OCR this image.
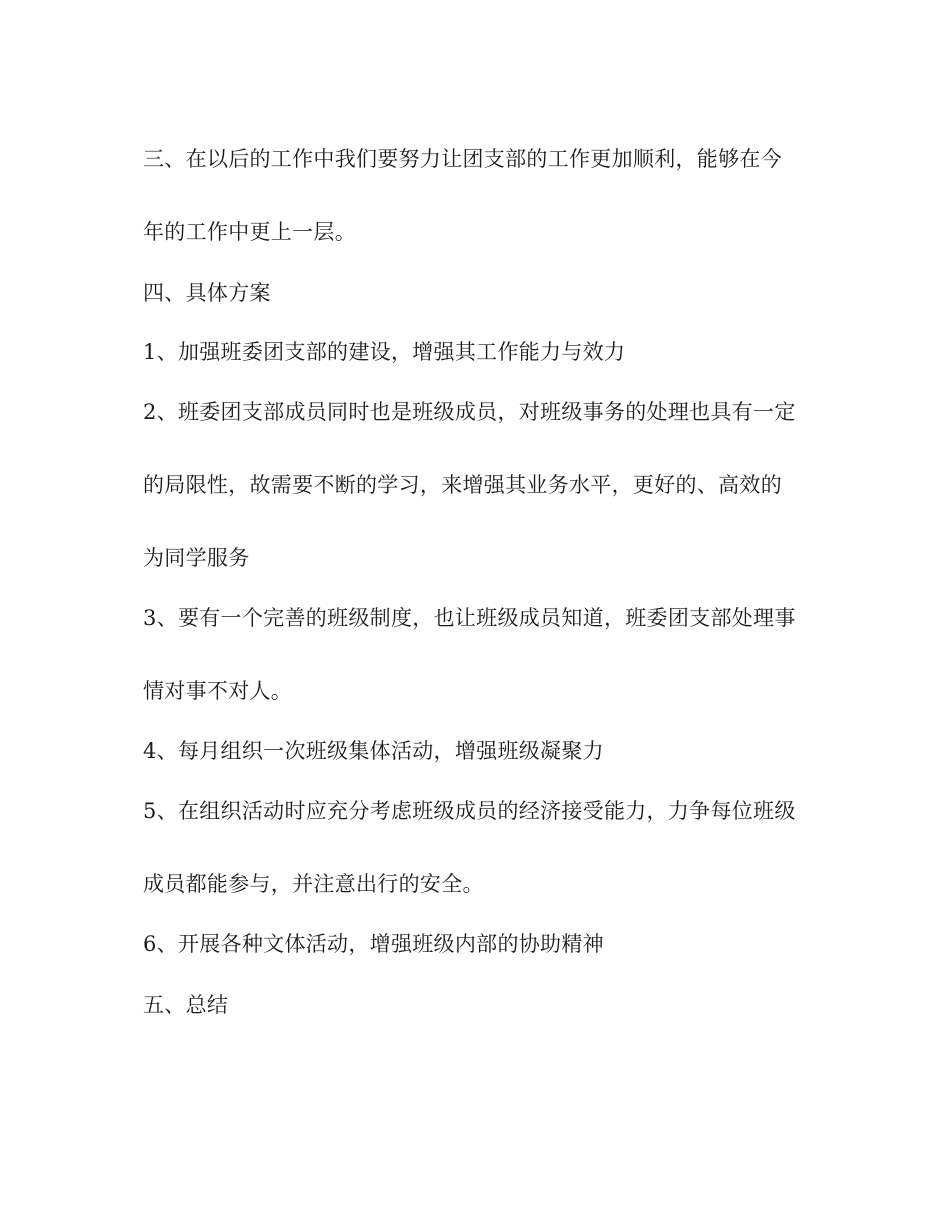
三、在以后的工作中我们要努力让团支部的工作更加顺利，能够在今
年的工作中更上一层。
四、具体方案
1、加强班委团支部的建设，增强其工作能力与效力
2、班委团支部成员同时也是班级成员，对班级事务的处理也具有一定
的局限性，故需要不断的学习，来增强其业务水平，更好的、高效的
为同学服务
3、要有一个完善的班级制度，也让班级成员知道，班委团支部处理事
情对事不对人。
4、每月组织一次班级集体活动，增强班级凝聚力
5、在组织活动时应充分考虑班级成员的经济接受能力，力争每位班级
成员都能参与，并注意出行的安全。
6、开展各种文体活动，增强班级内部的协助精神
五、总结
